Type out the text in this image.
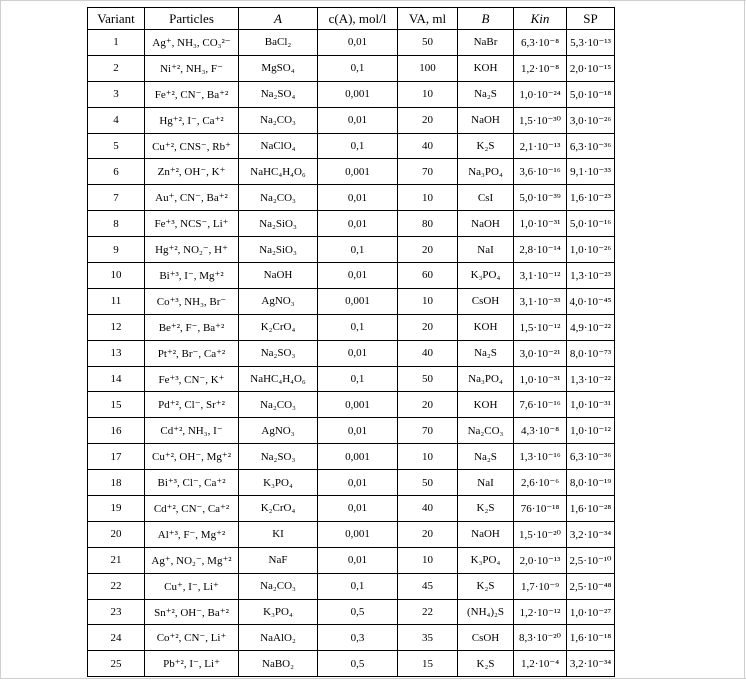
Variant	Particles	A	c(A), mol/l	VA, ml	B	Kin	SP
1	Ag⁺, NH₃, CO₃²⁻	BaCl₂	0,01	50	NaBr	6,3·10⁻⁸	5,3·10⁻¹³
2	Ni⁺², NH₃, F⁻	MgSO₄	0,1	100	KOH	1,2·10⁻⁸	2,0·10⁻¹⁵
3	Fe⁺², CN⁻, Ba⁺²	Na₂SO₄	0,001	10	Na₂S	1,0·10⁻²⁴	5,0·10⁻¹⁸
4	Hg⁺², I⁻, Ca⁺²	Na₂CO₃	0,01	20	NaOH	1,5·10⁻³⁰	3,0·10⁻²⁶
5	Cu⁺², CNS⁻, Rb⁺	NaClO₄	0,1	40	K₂S	2,1·10⁻¹³	6,3·10⁻³⁶
6	Zn⁺², OH⁻, K⁺	NaHC₄H₄O₆	0,001	70	Na₃PO₄	3,6·10⁻¹⁶	9,1·10⁻³³
7	Au⁺, CN⁻, Ba⁺²	Na₂CO₃	0,01	10	CsI	5,0·10⁻³⁹	1,6·10⁻²³
8	Fe⁺³, NCS⁻, Li⁺	Na₂SiO₃	0,01	80	NaOH	1,0·10⁻³¹	5,0·10⁻¹⁶
9	Hg⁺², NO₂⁻, H⁺	Na₂SiO₃	0,1	20	NaI	2,8·10⁻¹⁴	1,0·10⁻²⁶
10	Bi⁺³, I⁻, Mg⁺²	NaOH	0,01	60	K₃PO₄	3,1·10⁻¹²	1,3·10⁻²³
11	Co⁺³, NH₃, Br⁻	AgNO₃	0,001	10	CsOH	3,1·10⁻³³	4,0·10⁻⁴⁵
12	Be⁺², F⁻, Ba⁺²	K₂CrO₄	0,1	20	KOH	1,5·10⁻¹²	4,9·10⁻²²
13	Pt⁺², Br⁻, Ca⁺²	Na₂SO₃	0,01	40	Na₂S	3,0·10⁻²¹	8,0·10⁻⁷³
14	Fe⁺³, CN⁻, K⁺	NaHC₄H₄O₆	0,1	50	Na₃PO₄	1,0·10⁻³¹	1,3·10⁻²²
15	Pd⁺², Cl⁻, Sr⁺²	Na₂CO₃	0,001	20	KOH	7,6·10⁻¹⁶	1,0·10⁻³¹
16	Cd⁺², NH₃, I⁻	AgNO₃	0,01	70	Na₂CO₃	4,3·10⁻⁸	1,0·10⁻¹²
17	Cu⁺², OH⁻, Mg⁺²	Na₂SO₃	0,001	10	Na₂S	1,3·10⁻¹⁶	6,3·10⁻³⁶
18	Bi⁺³, Cl⁻, Ca⁺²	K₃PO₄	0,01	50	NaI	2,6·10⁻⁶	8,0·10⁻¹⁹
19	Cd⁺², CN⁻, Ca⁺²	K₂CrO₄	0,01	40	K₂S	76·10⁻¹⁸	1,6·10⁻²⁸
20	Al⁺³, F⁻, Mg⁺²	KI	0,001	20	NaOH	1,5·10⁻²⁰	3,2·10⁻³⁴
21	Ag⁺, NO₂⁻, Mg⁺²	NaF	0,01	10	K₃PO₄	2,0·10⁻¹³	2,5·10⁻¹⁰
22	Cu⁺, I⁻, Li⁺	Na₂CO₃	0,1	45	K₂S	1,7·10⁻⁹	2,5·10⁻⁴⁸
23	Sn⁺², OH⁻, Ba⁺²	K₃PO₄	0,5	22	(NH₄)₂S	1,2·10⁻¹²	1,0·10⁻²⁷
24	Co⁺², CN⁻, Li⁺	NaAlO₂	0,3	35	CsOH	8,3·10⁻²⁰	1,6·10⁻¹⁸
25	Pb⁺², I⁻, Li⁺	NaBO₂	0,5	15	K₂S	1,2·10⁻⁴	3,2·10⁻³⁴
